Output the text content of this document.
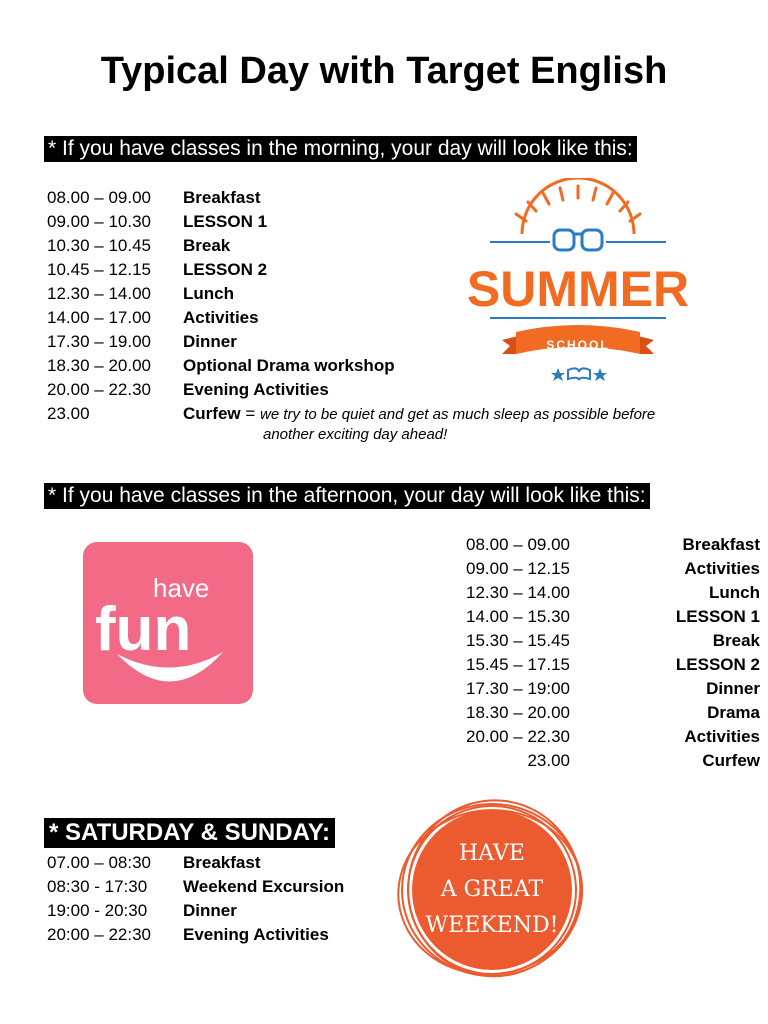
Typical Day with Target English
* If you have classes in the morning, your day will look like this:
08.00 – 09.00 Breakfast
09.00 – 10.30 LESSON 1
10.30 – 10.45 Break
10.45 – 12.15 LESSON 2
12.30 – 14.00 Lunch
14.00 – 17.00 Activities
17.30 – 19.00 Dinner
18.30 – 20.00 Optional Drama workshop
20.00 – 22.30 Evening Activities
23.00	Curfew = we try to be quiet and get as much sleep as possible before
another exciting day ahead!
SUMMER
SCHOOL
* If you have classes in the afternoon, your day will look like this:
have
fun
08.00 – 09.00	Breakfast
09.00 – 12.15	Activities
12.30 – 14.00	Lunch
14.00 – 15.30	LESSON 1
15.30 – 15.45	Break
15.45 – 17.15	LESSON 2
17.30 – 19:00	Dinner
18.30 – 20.00	Drama
20.00 – 22.30	Activities
23.00	Curfew
* SATURDAY & SUNDAY:
07.00 – 08:30 Breakfast
08:30 - 17:30 Weekend Excursion
19:00 - 20:30 Dinner
20:00 – 22:30 Evening Activities
HAVE
A GREAT
WEEKEND!
